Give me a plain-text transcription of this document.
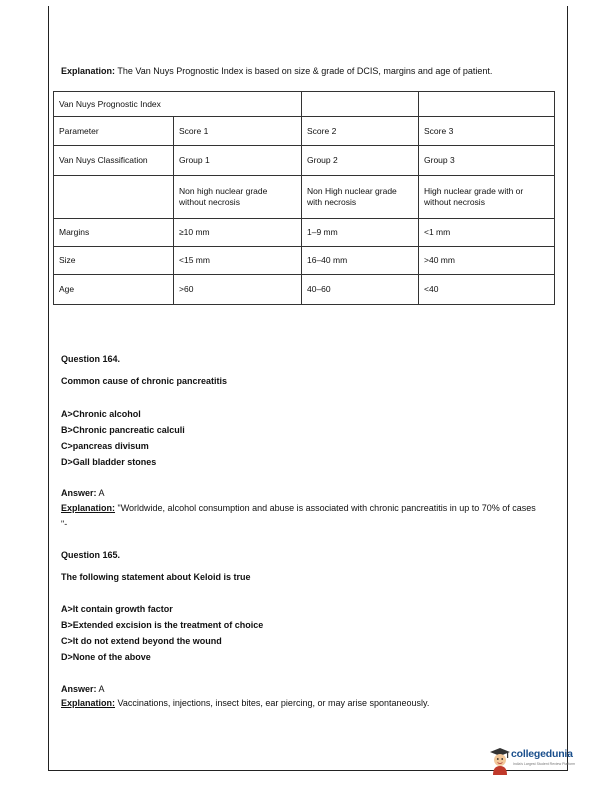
Explanation: The Van Nuys Prognostic Index is based on size & grade of DCIS, margins and age of patient.

Van Nuys Prognostic Index			
Parameter	Score 1	Score 2	Score 3
Van Nuys Classification	Group 1	Group 2	Group 3
	Non high nuclear grade without necrosis	Non High nuclear grade with necrosis	High nuclear grade with or without necrosis
Margins	≥10 mm	1–9 mm	<1 mm
Size	<15 mm	16–40 mm	>40 mm
Age	>60	40–60	<40
Question 164.
Common cause of chronic pancreatitis
A>Chronic alcohol
B>Chronic pancreatic calculi
C>pancreas divisum
D>Gall bladder stones
Answer: A
Explanation: "Worldwide, alcohol consumption and abuse is associated with chronic pancreatitis in up to 70% of cases "-
Question 165.
The following statement about Keloid is true
A>It contain growth factor
B>Extended excision is the treatment of choice
C>It do not extend beyond the wound
D>None of the above
Answer: A
Explanation: Vaccinations, injections, insect bites, ear piercing, or may arise spontaneously.
collegedunia
India's Largest Student Review Platform
